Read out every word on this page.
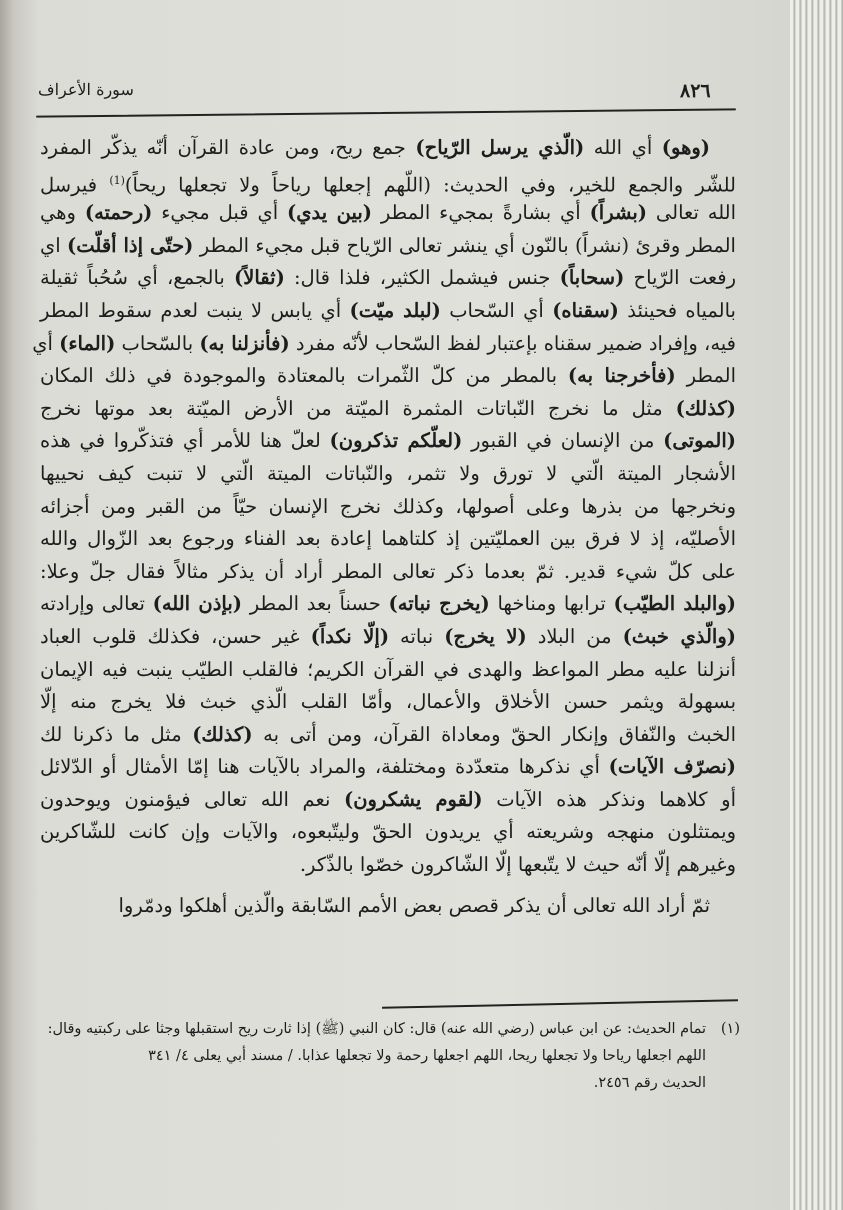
سورة الأعراف	٨٢٦
(وهو) أي الله (الّذي يرسل الرّياح) جمع ريح، ومن عادة القرآن أنّه يذكّر المفرد
للشّر والجمع للخير، وفي الحديث: (اللّهم إجعلها رياحاً ولا تجعلها ريحاً)$^{(1)}$ فيرسل
الله تعالى (بشراً) أي بشارةً بمجيء المطر (بين يدي) أي قبل مجيء (رحمته) وهي
المطر وقرئ (نشراً) بالنّون أي ينشر تعالى الرّياح قبل مجيء المطر (حتّى إذا أقلّت) اي
رفعت الرّياح (سحاباً) جنس فيشمل الكثير، فلذا قال: (ثقالاً) بالجمع، أي سُحُباً ثقيلة
بالمياه فحينئذ (سقناه) أي السّحاب (لبلد ميّت) أي يابس لا ينبت لعدم سقوط المطر
فيه، وإفراد ضمير سقناه بإعتبار لفظ السّحاب لأنّه مفرد (فأنزلنا به) بالسّحاب (الماء) أي
المطر (فأخرجنا به) بالمطر من كلّ الثّمرات بالمعتادة والموجودة في ذلك المكان
(كذلك) مثل ما نخرج النّباتات المثمرة الميّتة من الأرض الميّتة بعد موتها نخرج
(الموتى) من الإنسان في القبور (لعلّكم تذكرون) لعلّ هنا للأمر أي فتذكّروا في هذه
الأشجار الميتة الّتي لا تورق ولا تثمر، والنّباتات الميتة الّتي لا تنبت كيف نحييها
ونخرجها من بذرها وعلى أصولها، وكذلك نخرج الإنسان حيّاً من القبر ومن أجزائه
الأصليّه، إذ لا فرق بين العمليّتين إذ كلتاهما إعادة بعد الفناء ورجوع بعد الزّوال والله
على كلّ شيء قدير. ثمّ بعدما ذكر تعالى المطر أراد أن يذكر مثالاً فقال جلّ وعلا:
(والبلد الطيّب) ترابها ومناخها (يخرج نباته) حسناً بعد المطر (بإذن الله) تعالى وإرادته
(والّذي خبث) من البلاد (لا يخرج) نباته (إلّا نكداً) غير حسن، فكذلك قلوب العباد
أنزلنا عليه مطر المواعظ والهدى في القرآن الكريم؛ فالقلب الطيّب ينبت فيه الإيمان
بسهولة ويثمر حسن الأخلاق والأعمال، وأمّا القلب الّذي خبث فلا يخرج منه إلّا
الخبث والنّفاق وإنكار الحقّ ومعاداة القرآن، ومن أتى به (كذلك) مثل ما ذكرنا لك
(نصرّف الآيات) أي نذكرها متعدّدة ومختلفة، والمراد بالآيات هنا إمّا الأمثال أو الدّلائل
أو كلاهما ونذكر هذه الآيات (لقوم يشكرون) نعم الله تعالى فيؤمنون ويوحدون
ويمتثلون منهجه وشريعته أي يريدون الحقّ وليتّبعوه، والآيات وإن كانت للشّاكرين
وغيرهم إلّا أنّه حيث لا يتّبعها إلّا الشّاكرون خصّوا بالذّكر.
ثمّ أراد الله تعالى أن يذكر قصص بعض الأمم السّابقة والّذين أهلكوا ودمّروا
(١)تمام الحديث: عن ابن عباس (رضي الله عنه) قال: كان النبي (ﷺ) إذا ثارت ريح استقبلها وجثا على ركبتيه وقال:
اللهم اجعلها رياحا ولا تجعلها ريحا، اللهم اجعلها رحمة ولا تجعلها عذابا. / مسند أبي يعلى ٤/ ٣٤١
الحديث رقم ٢٤٥٦.
